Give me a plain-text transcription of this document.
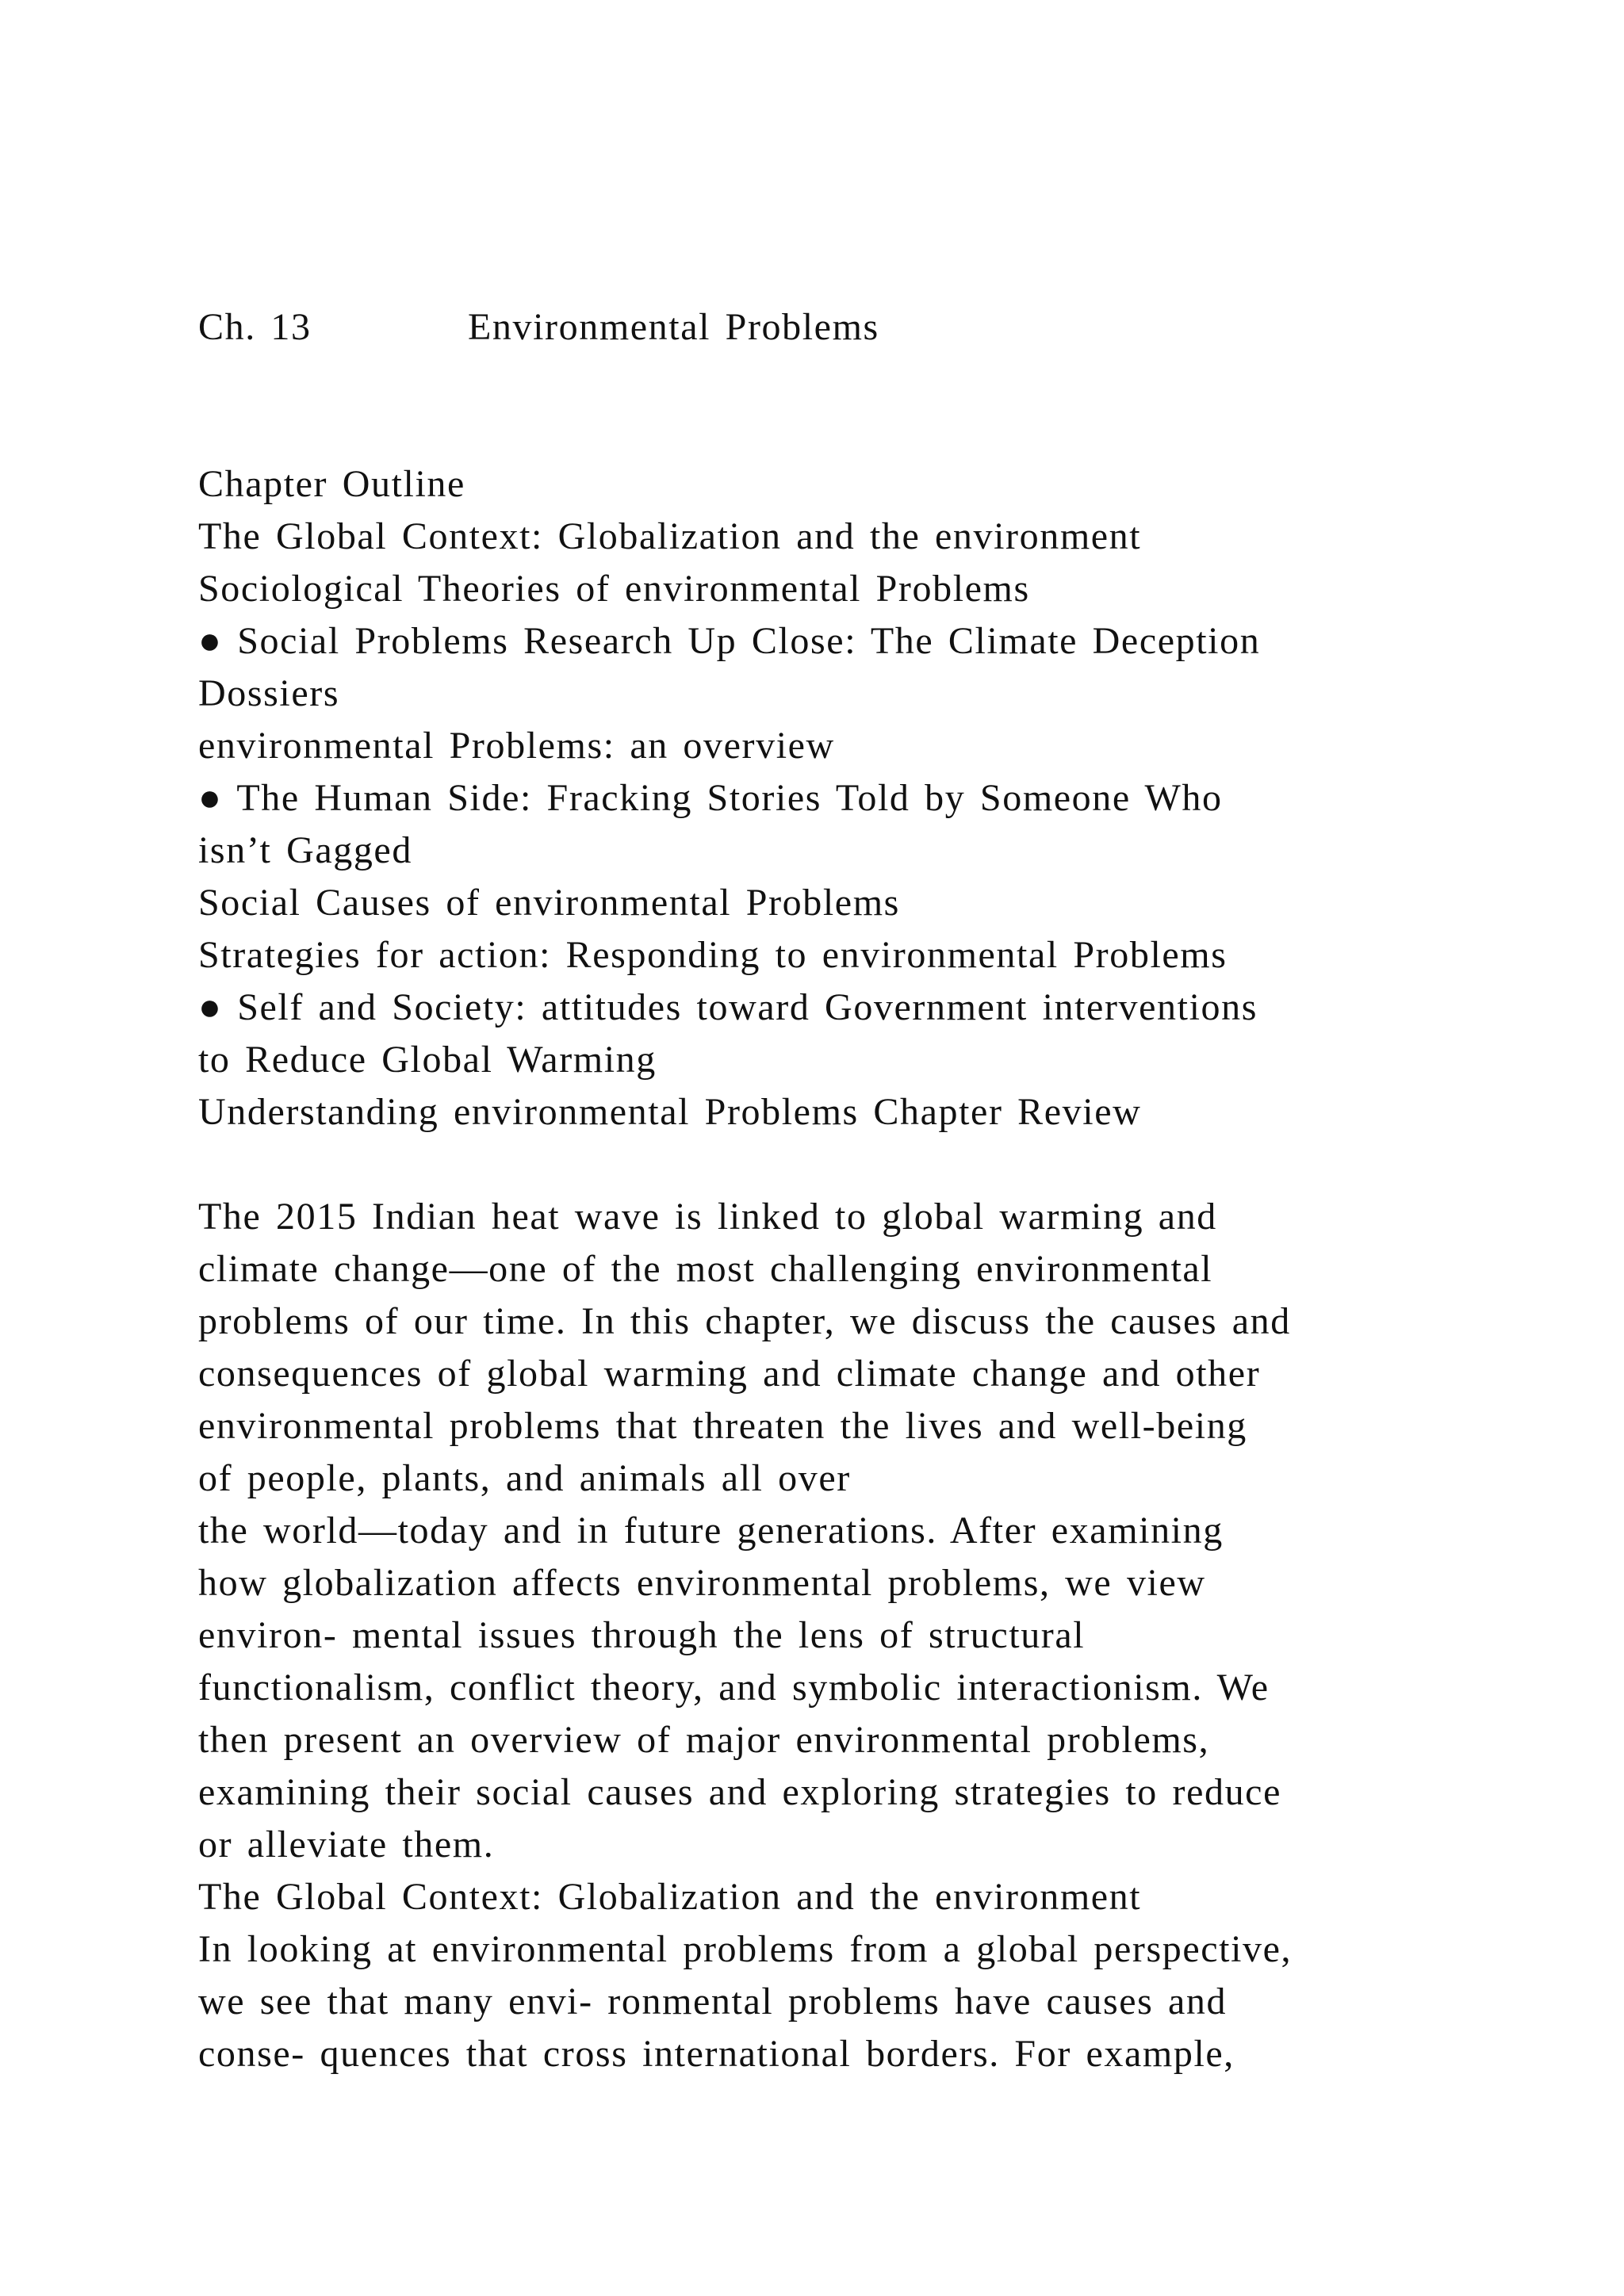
Ch. 13	Environmental Problems

Chapter Outline

The Global Context: Globalization and the environment

Sociological Theories of environmental Problems

● Social Problems Research Up Close: The Climate Deception

Dossiers

environmental Problems: an overview

● The Human Side: Fracking Stories Told by Someone Who

isn’t Gagged

Social Causes of environmental Problems

Strategies for action: Responding to environmental Problems

● Self and Society: attitudes toward Government interventions

to Reduce Global Warming

Understanding environmental Problems Chapter Review

The 2015 Indian heat wave is linked to global warming and

climate change—one of the most challenging environmental

problems of our time. In this chapter, we discuss the causes and

consequences of global warming and climate change and other

environmental problems that threaten the lives and well-being

of people, plants, and animals all over

the world—today and in future generations. After examining

how globalization affects environmental problems, we view

environ- mental issues through the lens of structural

functionalism, conflict theory, and symbolic interactionism. We

then present an overview of major environmental problems,

examining their social causes and exploring strategies to reduce

or alleviate them.

The Global Context: Globalization and the environment

In looking at environmental problems from a global perspective,

we see that many envi- ronmental problems have causes and

conse- quences that cross international borders. For example,
